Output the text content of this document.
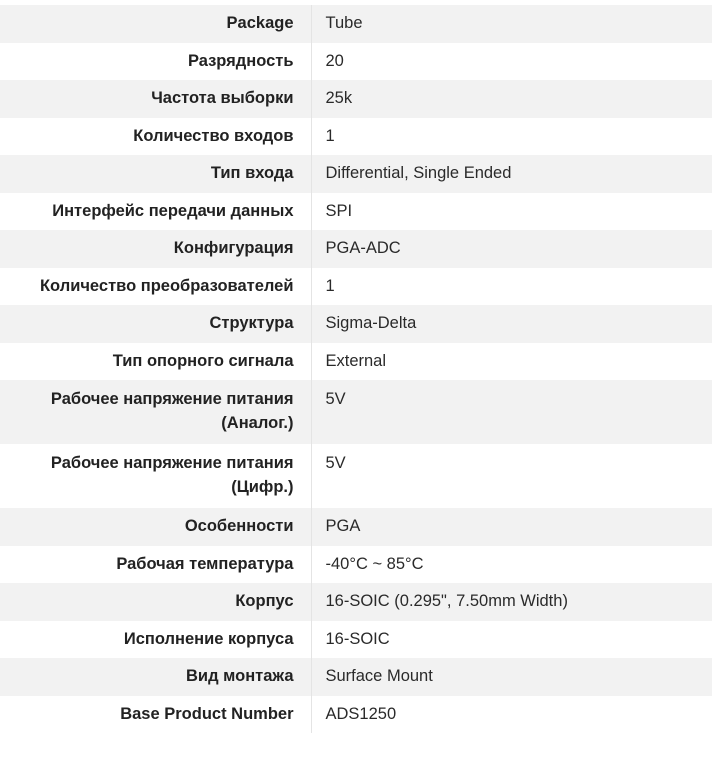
Package	Tube
Разрядность	20
Частота выборки	25k
Количество входов	1
Тип входа	Differential, Single Ended
Интерфейс передачи данных	SPI
Конфигурация	PGA-ADC
Количество преобразователей	1
Структура	Sigma-Delta
Тип опорного сигнала	External
Рабочее напряжение питания (Аналог.)	5V
Рабочее напряжение питания (Цифр.)	5V
Особенности	PGA
Рабочая температура	-40°C ~ 85°C
Корпус	16-SOIC (0.295", 7.50mm Width)
Исполнение корпуса	16-SOIC
Вид монтажа	Surface Mount
Base Product Number	ADS1250
